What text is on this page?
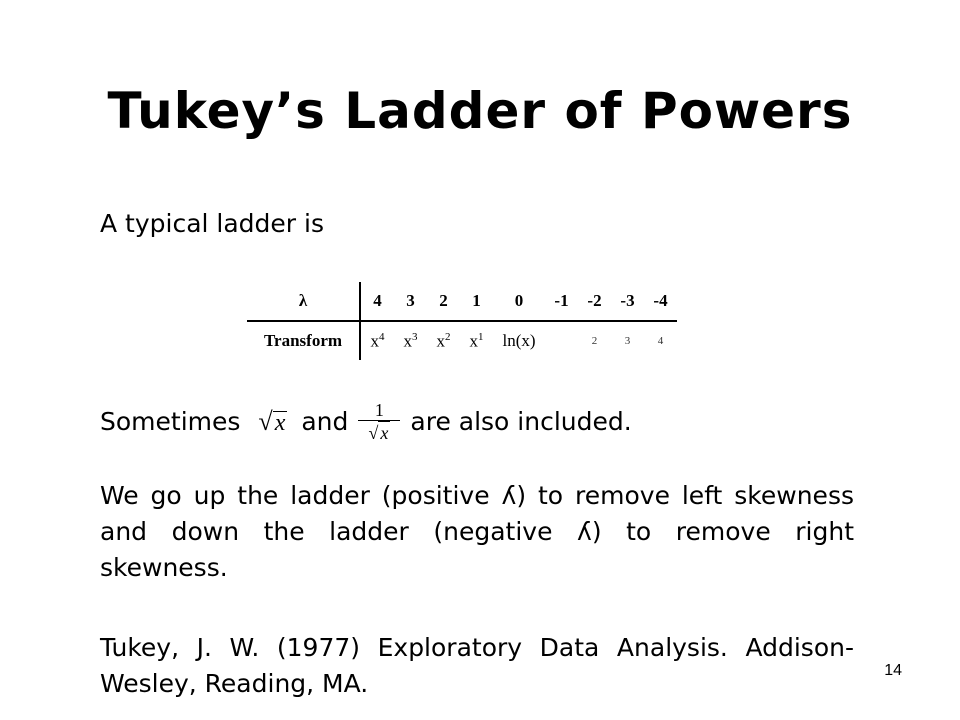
Tukey’s Ladder of Powers
A typical ladder is
λ	4	3	2	1	0	-1	-2	-3	-4
Transform	$x^4$	$x^3$	$x^2$	$x^1$	ln(x)		2	3	4
Sometimes √ x and $\frac{1}{√ x}$ are also included.
We go up the ladder (positive ʎ) to remove left skewness and down the ladder (negative ʎ) to remove right skewness.
Tukey, J. W. (1977) Exploratory Data Analysis. Addison-Wesley, Reading, MA.	14
